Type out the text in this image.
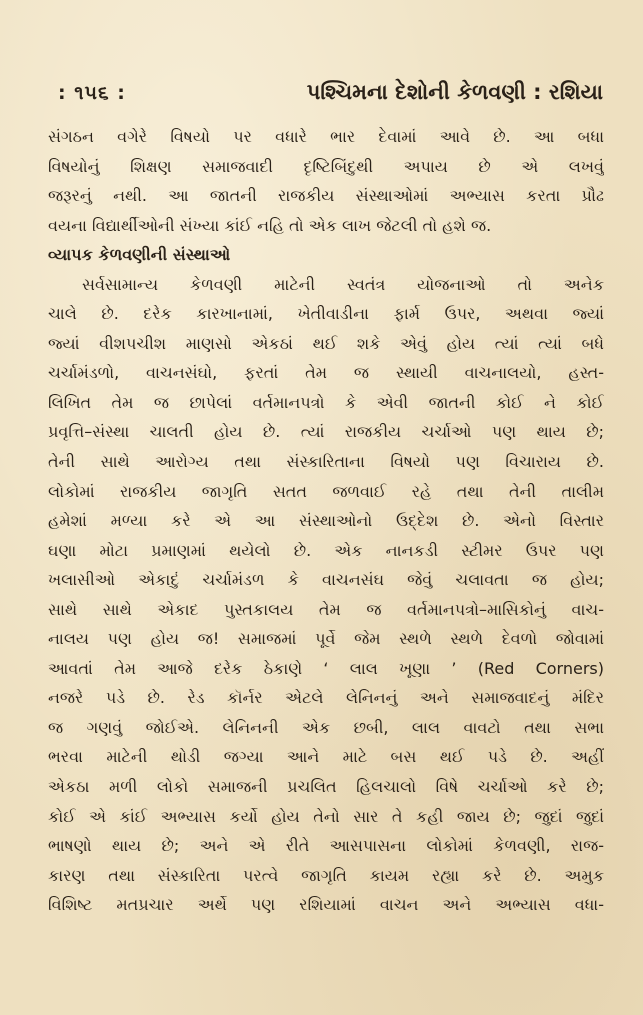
: ૧૫૬ :	પશ્ચિમના દેશોની કેળવણી : રશિયા
સંગઠન વગેરે વિષયો પર વધારે ભાર દેવામાં આવે છે. આ બધા
વિષયોનું શિક્ષણ સમાજવાદી દૃષ્ટિબિંદુથી અપાય છે એ લખવું
જરૂરનું નથી. આ જાતની રાજકીય સંસ્થાઓમાં અભ્યાસ કરતા પ્રૌઢ
વયના વિદ્યાર્થીઓની સંખ્યા કાંઈ નહિ તો એક લાખ જેટલી તો હશે જ.
વ્યાપક કેળવણીની સંસ્થાઓ
સર્વસામાન્ય કેળવણી માટેની સ્વતંત્ર યોજનાઓ તો અનેક
ચાલે છે. દરેક કારખાનામાં, ખેતીવાડીના ફાર્મ ઉપર, અથવા જ્યાં
જ્યાં વીશપચીશ માણસો એકઠાં થઈ શકે એવું હોય ત્યાં ત્યાં બધે
ચર્ચામંડળો, વાચનસંઘો, ફરતાં તેમ જ સ્થાયી વાચનાલયો, હસ્ત-
લિખિત તેમ જ છાપેલાં વર્તમાનપત્રો કે એવી જાતની કોઈ ને કોઈ
પ્રવૃત્તિ–સંસ્થા ચાલતી હોય છે. ત્યાં રાજકીય ચર્ચાઓ પણ થાય છે;
તેની સાથે આરોગ્ય તથા સંસ્કારિતાના વિષયો પણ વિચારાય છે.
લોકોમાં રાજકીય જાગૃતિ સતત જળવાઈ રહે તથા તેની તાલીમ
હમેશાં મળ્યા કરે એ આ સંસ્થાઓનો ઉદ્દેશ છે. એનો વિસ્તાર
ઘણા મોટા પ્રમાણમાં થયેલો છે. એક નાનકડી સ્ટીમર ઉપર પણ
ખલાસીઓ એકાદું ચર્ચામંડળ કે વાચનસંઘ જેવું ચલાવતા જ હોય;
સાથે સાથે એકાદ પુસ્તકાલય તેમ જ વર્તમાનપત્રો–માસિકોનું વાચ-
નાલય પણ હોય જ! સમાજમાં પૂર્વે જેમ સ્થળે સ્થળે દેવળો જોવામાં
આવતાં તેમ આજે દરેક ઠેકાણે ‘ લાલ ખૂણા ’ (Red Corners)
નજરે પડે છે. રેડ કૉર્નર એટલે લેનિનનું અને સમાજવાદનું મંદિર
જ ગણવું જોઈએ. લેનિનની એક છબી, લાલ વાવટો તથા સભા
ભરવા માટેની થોડી જગ્યા આને માટે બસ થઈ પડે છે. અહીં
એકઠા મળી લોકો સમાજની પ્રચલિત હિલચાલો વિષે ચર્ચાઓ કરે છે;
કોઈ એ કાંઈ અભ્યાસ કર્યો હોય તેનો સાર તે કહી જાય છે; જુદાં જુદાં
ભાષણો થાય છે; અને એ રીતે આસપાસના લોકોમાં કેળવણી, રાજ-
કારણ તથા સંસ્કારિતા પરત્વે જાગૃતિ કાયમ રહ્યા કરે છે. અમુક
વિશિષ્ટ મતપ્રચાર અર્થે પણ રશિયામાં વાચન અને અભ્યાસ વધા-
